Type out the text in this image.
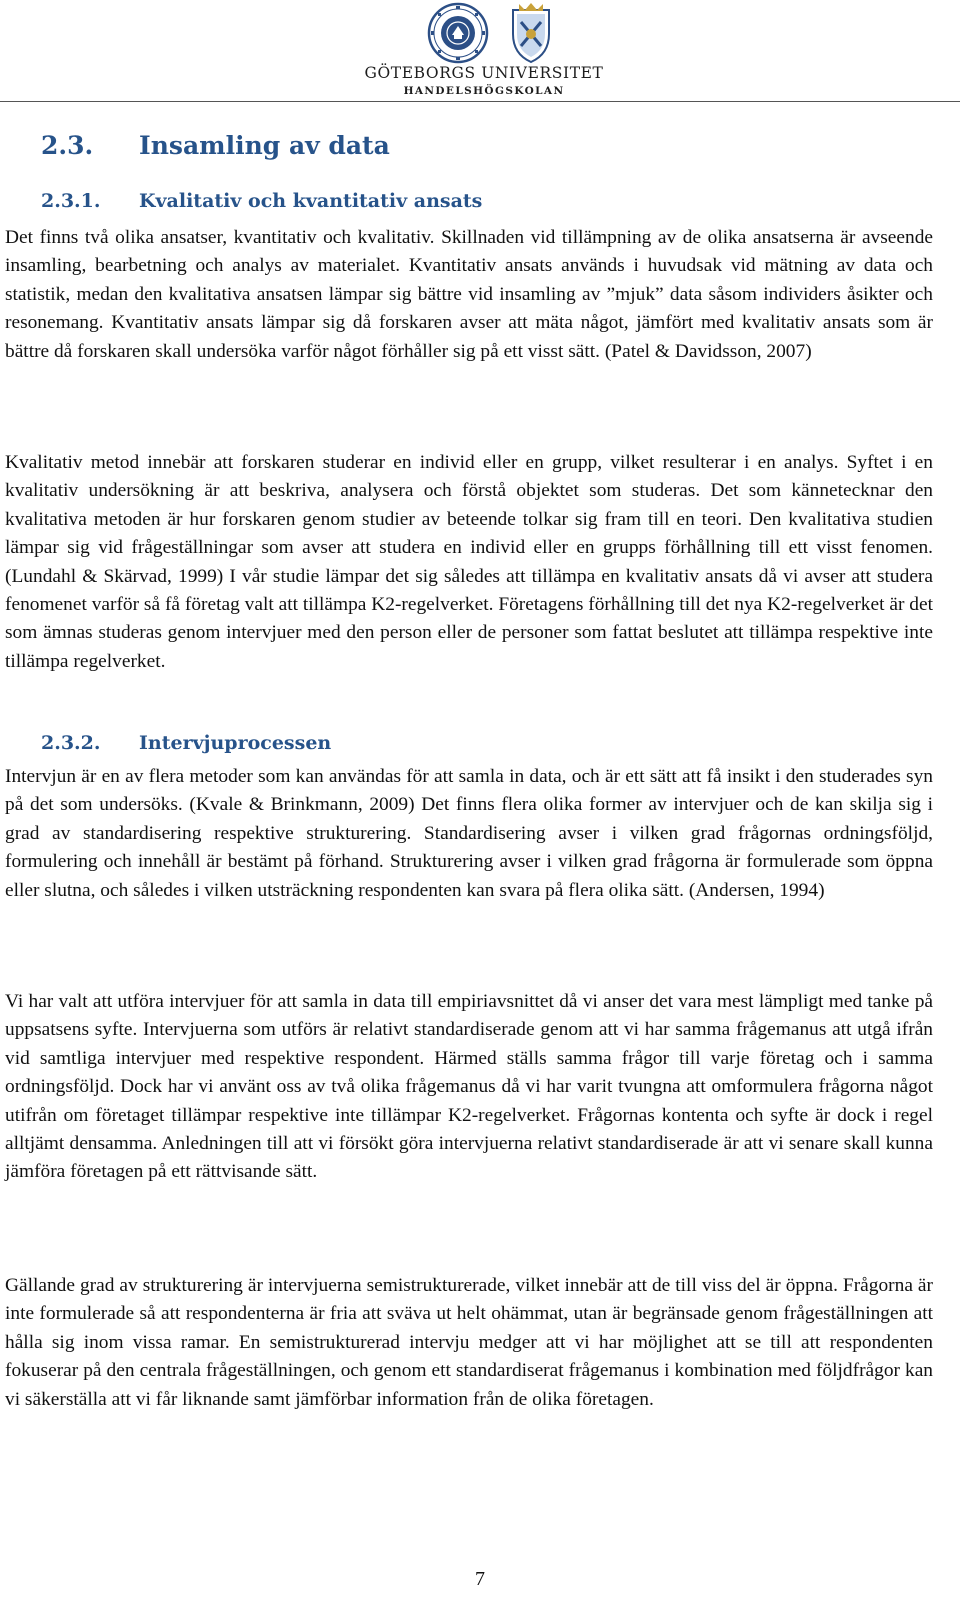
GÖTEBORGS UNIVERSITET
HANDELSHÖGSKOLAN
2.3. Insamling av data
2.3.1. Kvalitativ och kvantitativ ansats

Det finns två olika ansatser, kvantitativ och kvalitativ. Skillnaden vid tillämpning av de olika ansatserna är avseende insamling, bearbetning och analys av materialet. Kvantitativ ansats används i huvudsak vid mätning av data och statistik, medan den kvalitativa ansatsen lämpar sig bättre vid insamling av ”mjuk” data såsom individers åsikter och resonemang. Kvantitativ ansats lämpar sig då forskaren avser att mäta något, jämfört med kvalitativ ansats som är bättre då forskaren skall undersöka varför något förhåller sig på ett visst sätt. (Patel & Davidsson, 2007)

Kvalitativ metod innebär att forskaren studerar en individ eller en grupp, vilket resulterar i en analys. Syftet i en kvalitativ undersökning är att beskriva, analysera och förstå objektet som studeras. Det som kännetecknar den kvalitativa metoden är hur forskaren genom studier av beteende tolkar sig fram till en teori. Den kvalitativa studien lämpar sig vid frågeställningar som avser att studera en individ eller en grupps förhållning till ett visst fenomen. (Lundahl & Skärvad, 1999) I vår studie lämpar det sig således att tillämpa en kvalitativ ansats då vi avser att studera fenomenet varför så få företag valt att tillämpa K2-regelverket. Företagens förhållning till det nya K2-regelverket är det som ämnas studeras genom intervjuer med den person eller de personer som fattat beslutet att tillämpa respektive inte tillämpa regelverket.

2.3.2. Intervjuprocessen

Intervjun är en av flera metoder som kan användas för att samla in data, och är ett sätt att få insikt i den studerades syn på det som undersöks. (Kvale & Brinkmann, 2009) Det finns flera olika former av intervjuer och de kan skilja sig i grad av standardisering respektive strukturering. Standardisering avser i vilken grad frågornas ordningsföljd, formulering och innehåll är bestämt på förhand. Strukturering avser i vilken grad frågorna är formulerade som öppna eller slutna, och således i vilken utsträckning respondenten kan svara på flera olika sätt. (Andersen, 1994)

Vi har valt att utföra intervjuer för att samla in data till empiriavsnittet då vi anser det vara mest lämpligt med tanke på uppsatsens syfte. Intervjuerna som utförs är relativt standardiserade genom att vi har samma frågemanus att utgå ifrån vid samtliga intervjuer med respektive respondent. Härmed ställs samma frågor till varje företag och i samma ordningsföljd. Dock har vi använt oss av två olika frågemanus då vi har varit tvungna att omformulera frågorna något utifrån om företaget tillämpar respektive inte tillämpar K2-regelverket. Frågornas kontenta och syfte är dock i regel alltjämt densamma. Anledningen till att vi försökt göra intervjuerna relativt standardiserade är att vi senare skall kunna jämföra företagen på ett rättvisande sätt.

Gällande grad av strukturering är intervjuerna semistrukturerade, vilket innebär att de till viss del är öppna. Frågorna är inte formulerade så att respondenterna är fria att sväva ut helt ohämmat, utan är begränsade genom frågeställningen att hålla sig inom vissa ramar. En semistrukturerad intervju medger att vi har möjlighet att se till att respondenten fokuserar på den centrala frågeställningen, och genom ett standardiserat frågemanus i kombination med följdfrågor kan vi säkerställa att vi får liknande samt jämförbar information från de olika företagen.

7
